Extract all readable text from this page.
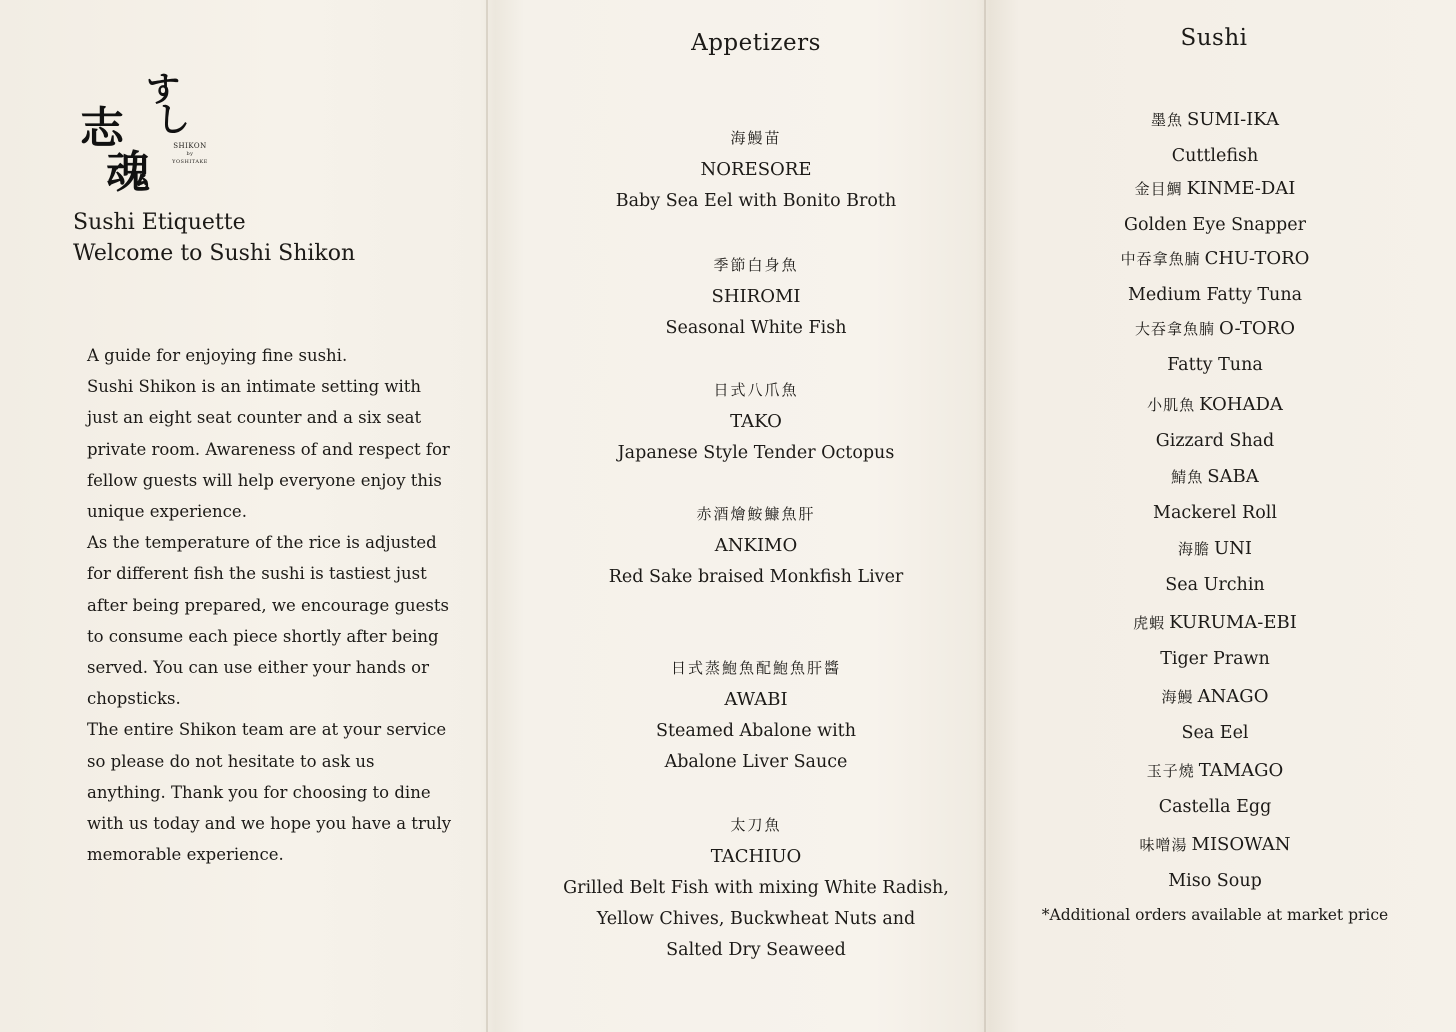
志
魂
す
し
SHIKON
by
YOSHITAKE
Sushi Etiquette
Welcome to Sushi Shikon

A guide for enjoying fine sushi.

Sushi Shikon is an intimate setting with just an eight seat counter and a six seat private room. Awareness of and respect for fellow guests will help everyone enjoy this unique experience.

As the temperature of the rice is adjusted for different fish the sushi is tastiest just after being prepared, we encourage guests to consume each piece shortly after being served. You can use either your hands or chopsticks.

The entire Shikon team are at your service so please do not hesitate to ask us anything. Thank you for choosing to dine with us today and we hope you have a truly memorable experience.

Appetizers
海鰻苗
NORESORE
Baby Sea Eel with Bonito Broth
季節白身魚
SHIROMI
Seasonal White Fish
日式八爪魚
TAKO
Japanese Style Tender Octopus
赤酒燴鮟鱇魚肝
ANKIMO
Red Sake braised Monkfish Liver
日式蒸鮑魚配鮑魚肝醬
AWABI
Steamed Abalone with
Abalone Liver Sauce
太刀魚
TACHIUO
Grilled Belt Fish with mixing White Radish,
Yellow Chives, Buckwheat Nuts and
Salted Dry Seaweed
Sushi
墨魚 SUMI-IKA
Cuttlefish
金目鯛 KINME-DAI
Golden Eye Snapper
中吞拿魚腩 CHU-TORO
Medium Fatty Tuna
大吞拿魚腩 O-TORO
Fatty Tuna
小肌魚 KOHADA
Gizzard Shad
鯖魚 SABA
Mackerel Roll
海膽 UNI
Sea Urchin
虎蝦 KURUMA-EBI
Tiger Prawn
海鰻 ANAGO
Sea Eel
玉子燒 TAMAGO
Castella Egg
味噌湯 MISOWAN
Miso Soup
*Additional orders available at market price
